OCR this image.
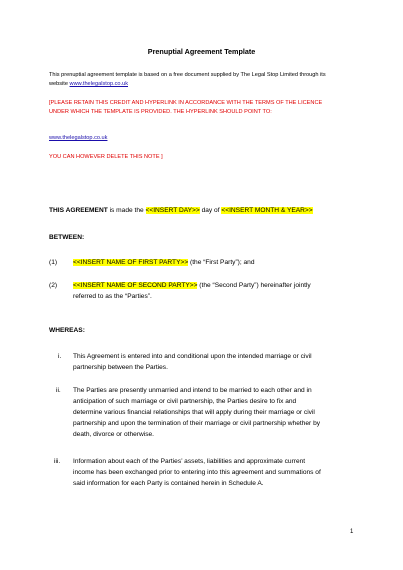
Prenuptial Agreement Template
This prenuptial agreement template is based on a free document supplied by The Legal Stop Limited through its
website www.thelegalstop.co.uk
[PLEASE RETAIN THIS CREDIT AND HYPERLINK IN ACCORDANCE WITH THE TERMS OF THE LICENCE
UNDER WHICH THE TEMPLATE IS PROVIDED. THE HYPERLINK SHOULD POINT TO:
www.thelegalstop.co.uk
YOU CAN HOWEVER DELETE THIS NOTE ]
THIS AGREEMENT is made the <<INSERT DAY>> day of <<INSERT MONTH & YEAR>>
BETWEEN:
(1) <<INSERT NAME OF FIRST PARTY>> (the “First Party”); and
(2) <<INSERT NAME OF SECOND PARTY>> (the “Second Party”) hereinafter jointly
referred to as the “Parties”.
WHEREAS:
i. This Agreement is entered into and conditional upon the intended marriage or civil
partnership between the Parties.
ii. The Parties are presently unmarried and intend to be married to each other and in
anticipation of such marriage or civil partnership, the Parties desire to fix and
determine various financial relationships that will apply during their marriage or civil
partnership and upon the termination of their marriage or civil partnership whether by
death, divorce or otherwise.
iii. Information about each of the Parties’ assets, liabilities and approximate current
income has been exchanged prior to entering into this agreement and summations of
said information for each Party is contained herein in Schedule A.
1
